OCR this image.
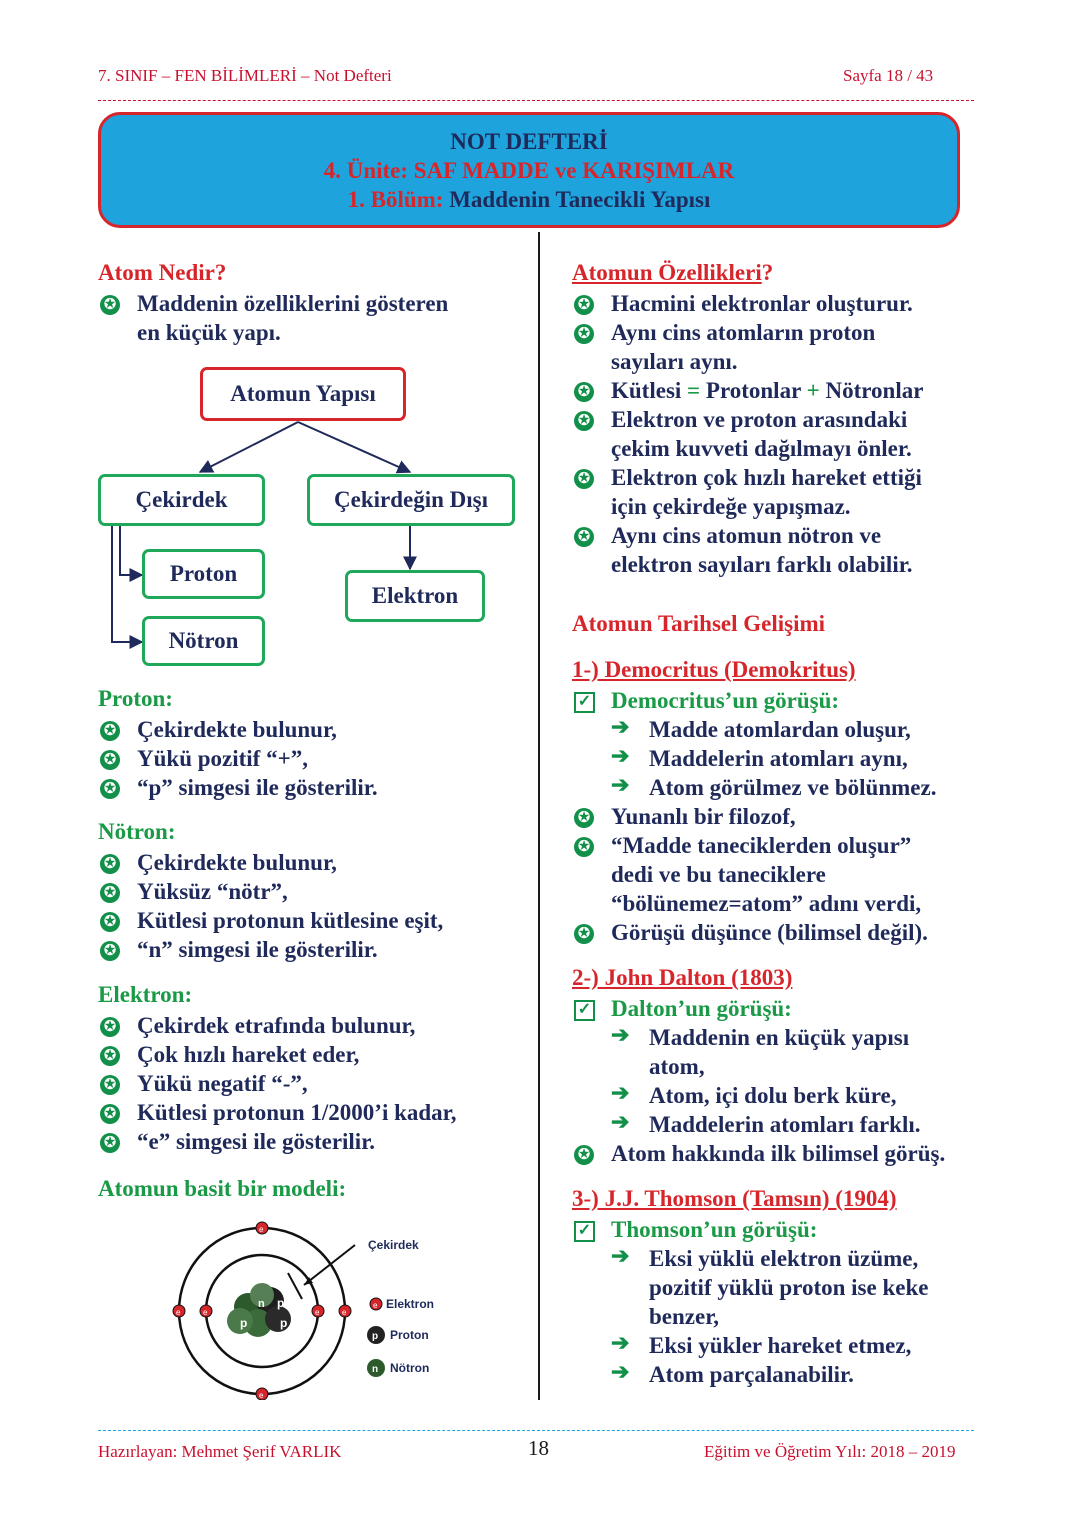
7. SINIF – FEN BİLİMLERİ – Not Defteri	Sayfa 18 / 43
NOT DEFTERİ
4. Ünite: SAF MADDE ve KARIŞIMLAR
1. Bölüm: Maddenin Tanecikli Yapısı
Atom Nedir?
✪ Maddenin özelliklerini gösteren
en küçük yapı.
Atomun Yapısı
Çekirdek	Çekirdeğin Dışı
Proton
Elektron
Nötron
Proton:
✪ Çekirdekte bulunur,
✪ Yükü pozitif “+”,
✪ “p” simgesi ile gösterilir.
Nötron:
✪ Çekirdekte bulunur,
✪ Yüksüz “nötr”,
✪ Kütlesi protonun kütlesine eşit,
✪ “n” simgesi ile gösterilir.
Elektron:
✪ Çekirdek etrafında bulunur,
✪ Çok hızlı hareket eder,
✪ Yükü negatif “-”,
✪ Kütlesi protonun 1/2000’i kadar,
✪ “e” simgesi ile gösterilir.
Atomun basit bir modeli:
p
p	p
n
Çekirdek
e
e
e	e
e	e
e Elektron
p Proton
n Nötron
Atomun Özellikleri?
✪ Hacmini elektronlar oluşturur.
✪ Aynı cins atomların proton
sayıları aynı.
✪ Kütlesi = Protonlar + Nötronlar
✪ Elektron ve proton arasındaki
çekim kuvveti dağılmayı önler.
✪ Elektron çok hızlı hareket ettiği
için çekirdeğe yapışmaz.
✪ Aynı cins atomun nötron ve
elektron sayıları farklı olabilir.
Atomun Tarihsel Gelişimi
1-) Democritus (Demokritus)
✓ Democritus’un görüşü:
➔ Madde atomlardan oluşur,
➔ Maddelerin atomları aynı,
➔ Atom görülmez ve bölünmez.
✪ Yunanlı bir filozof,
✪ “Madde taneciklerden oluşur”
dedi ve bu taneciklere
“bölünemez=atom” adını verdi,
✪ Görüşü düşünce (bilimsel değil).
2-) John Dalton (1803)
✓ Dalton’un görüşü:
➔ Maddenin en küçük yapısı
atom,
➔ Atom, içi dolu berk küre,
➔ Maddelerin atomları farklı.
✪ Atom hakkında ilk bilimsel görüş.
3-) J.J. Thomson (Tamsın) (1904)
✓ Thomson’un görüşü:
➔ Eksi yüklü elektron üzüme,
pozitif yüklü proton ise keke
benzer,
➔ Eksi yükler hareket etmez,
➔ Atom parçalanabilir.
Hazırlayan: Mehmet Şerif VARLIK	18	Eğitim ve Öğretim Yılı: 2018 – 2019
